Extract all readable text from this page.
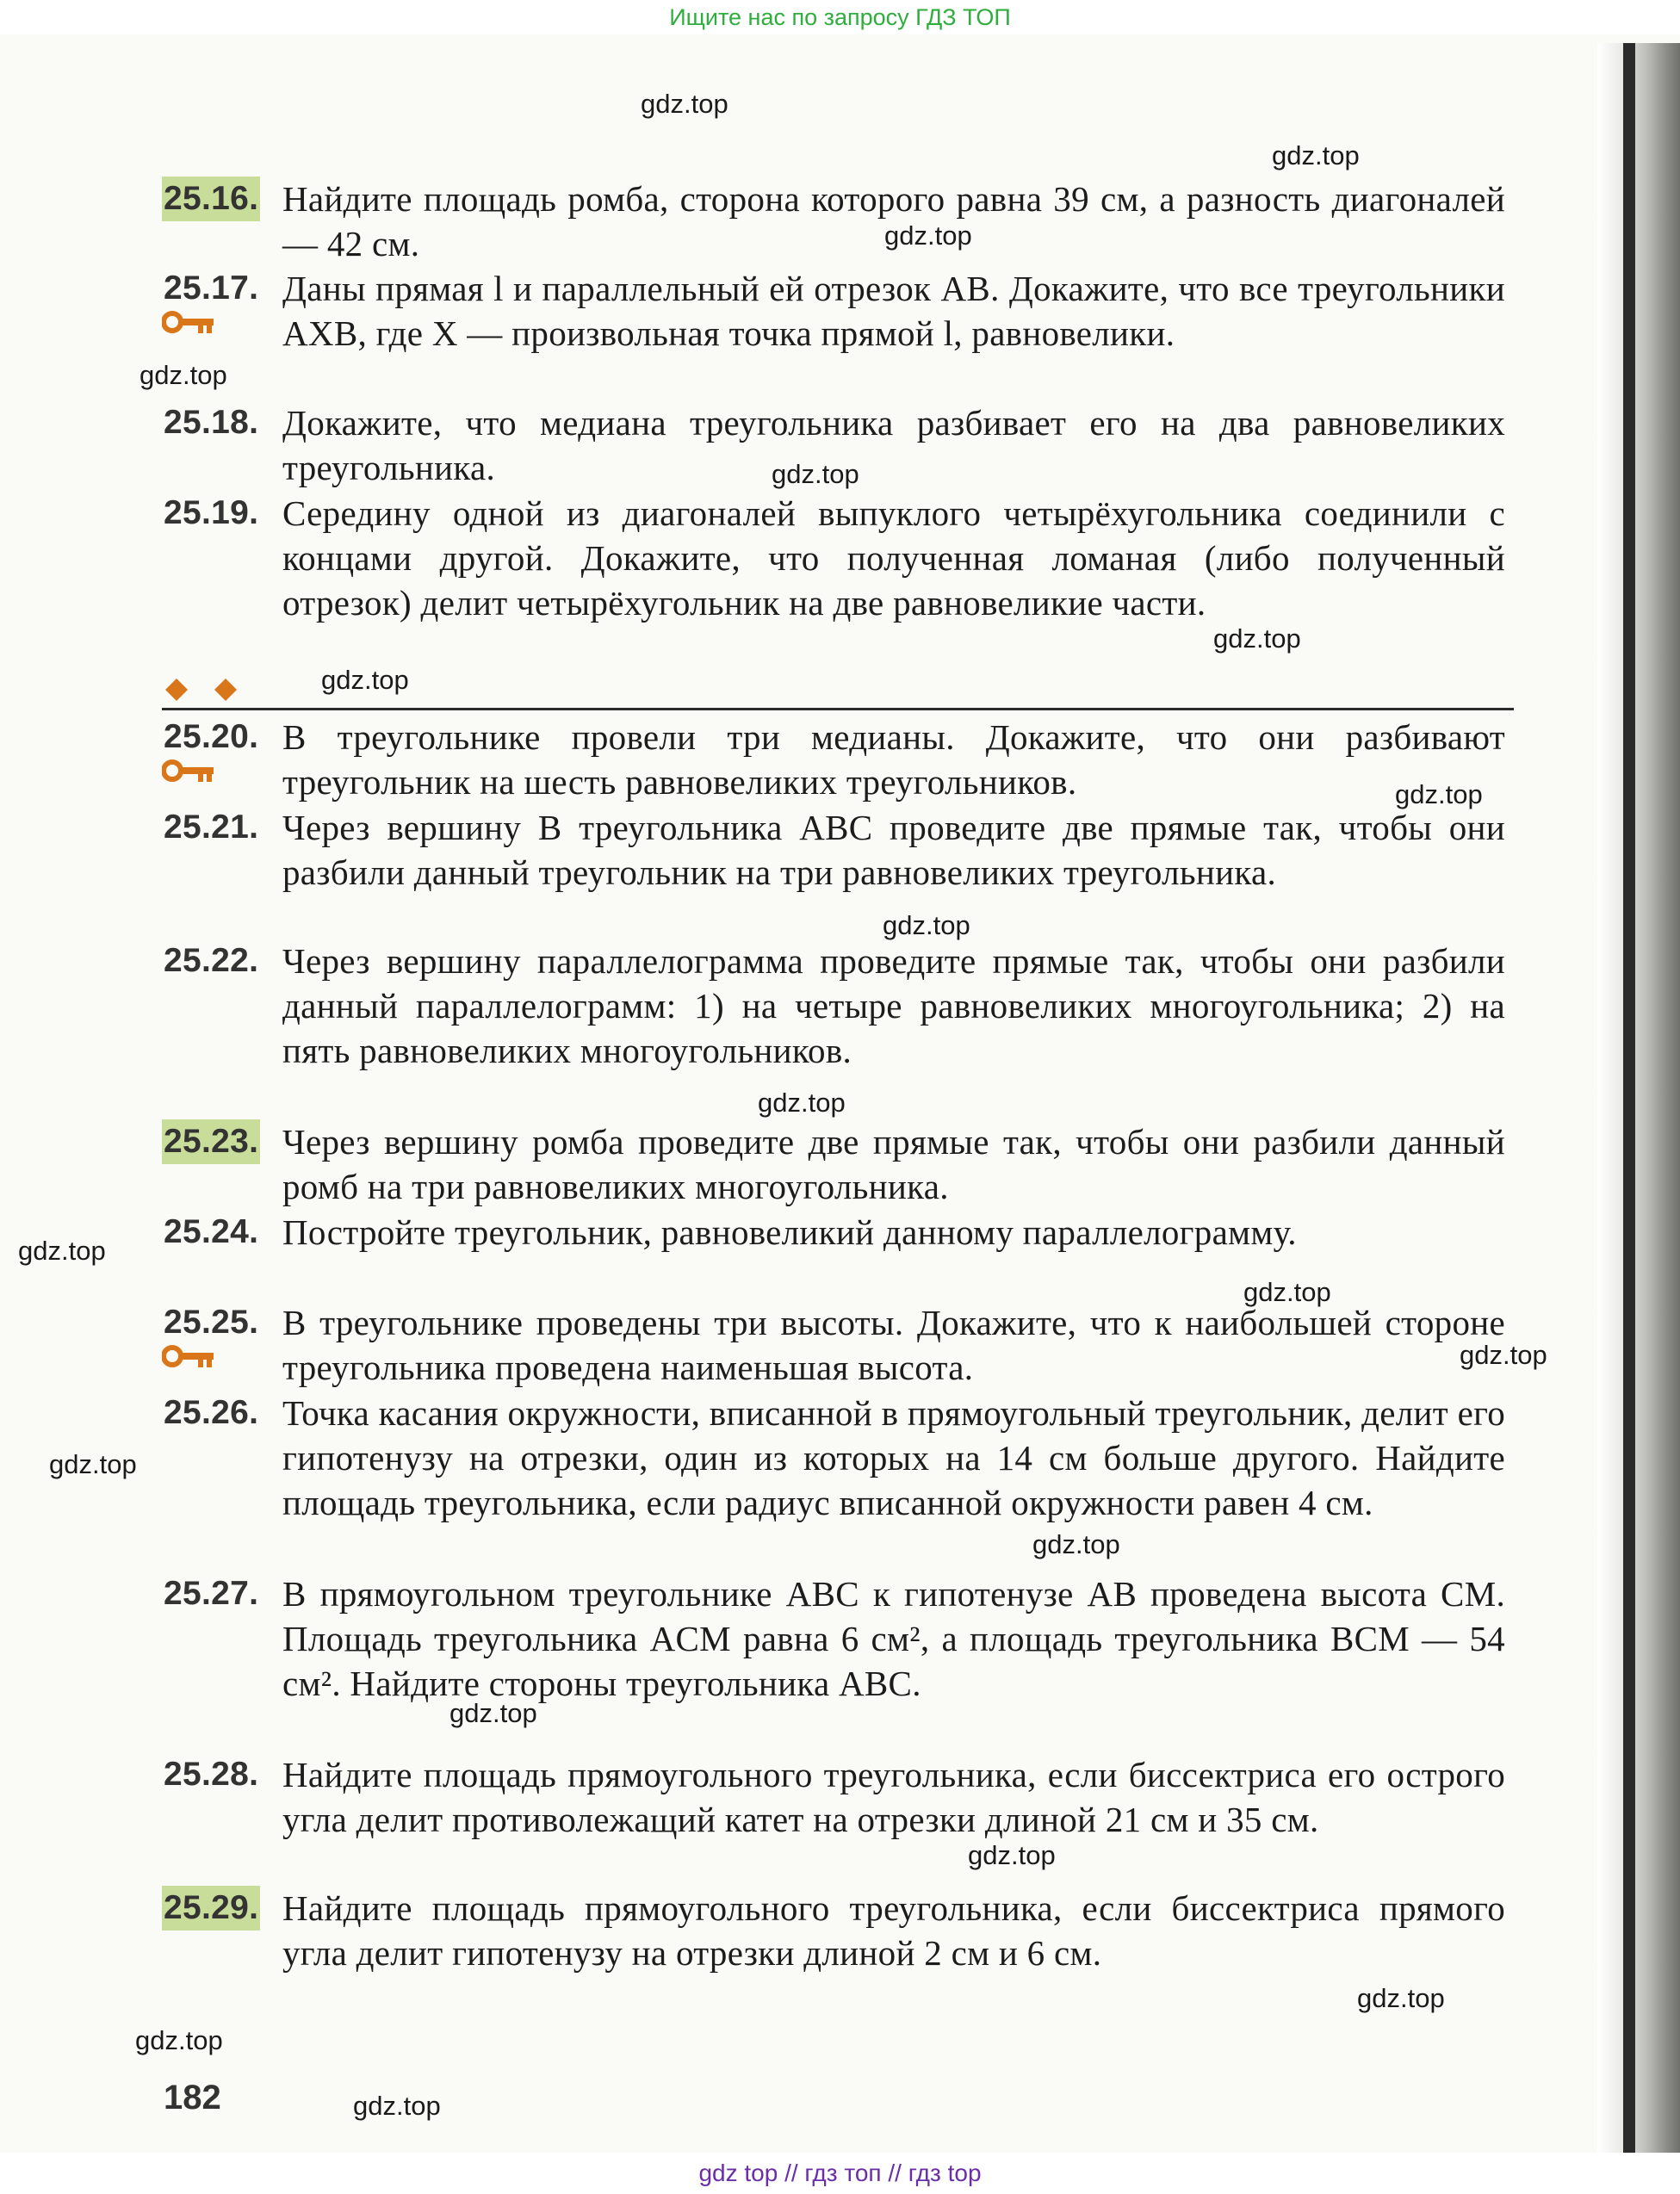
Ищите нас по запросу ГДЗ ТОП
25.16. Найдите площадь ромба, сторона которого равна 39 см, а разность диагоналей — 42 см.
25.17. Даны прямая l и параллельный ей отрезок AB. Докажите, что все треугольники AXB, где X — произвольная точка прямой l, равновелики.
25.18. Докажите, что медиана треугольника разбивает его на два равновеликих треугольника.
25.19. Середину одной из диагоналей выпуклого четырёхугольника соединили с концами другой. Докажите, что полученная ломаная (либо полученный отрезок) делит четырёхугольник на две равновеликие части.
25.20. В треугольнике провели три медианы. Докажите, что они разбивают треугольник на шесть равновеликих треугольников.
25.21. Через вершину B треугольника ABC проведите две прямые так, чтобы они разбили данный треугольник на три равновеликих треугольника.
25.22. Через вершину параллелограмма проведите прямые так, чтобы они разбили данный параллелограмм: 1) на четыре равновеликих многоугольника; 2) на пять равновеликих многоугольников.
25.23. Через вершину ромба проведите две прямые так, чтобы они разбили данный ромб на три равновеликих многоугольника.
25.24. Постройте треугольник, равновеликий данному параллелограмму.
25.25. В треугольнике проведены три высоты. Докажите, что к наибольшей стороне треугольника проведена наименьшая высота.
25.26. Точка касания окружности, вписанной в прямоугольный треугольник, делит его гипотенузу на отрезки, один из которых на 14 см больше другого. Найдите площадь треугольника, если радиус вписанной окружности равен 4 см.
25.27. В прямоугольном треугольнике ABC к гипотенузе AB проведена высота CM. Площадь треугольника ACM равна 6 см², а площадь треугольника BCM — 54 см². Найдите стороны треугольника ABC.
25.28. Найдите площадь прямоугольного треугольника, если биссектриса его острого угла делит противолежащий катет на отрезки длиной 21 см и 35 см.
25.29. Найдите площадь прямоугольного треугольника, если биссектриса прямого угла делит гипотенузу на отрезки длиной 2 см и 6 см.
gdz.top
gdz.top
gdz.top
gdz.top
gdz.top
gdz.top
gdz.top
gdz.top
gdz.top
gdz.top
gdz.top
gdz.top
gdz.top
gdz.top
gdz.top
gdz.top
gdz.top
gdz.top
gdz.top
gdz.top
182
gdz top // гдз топ // гдз top
